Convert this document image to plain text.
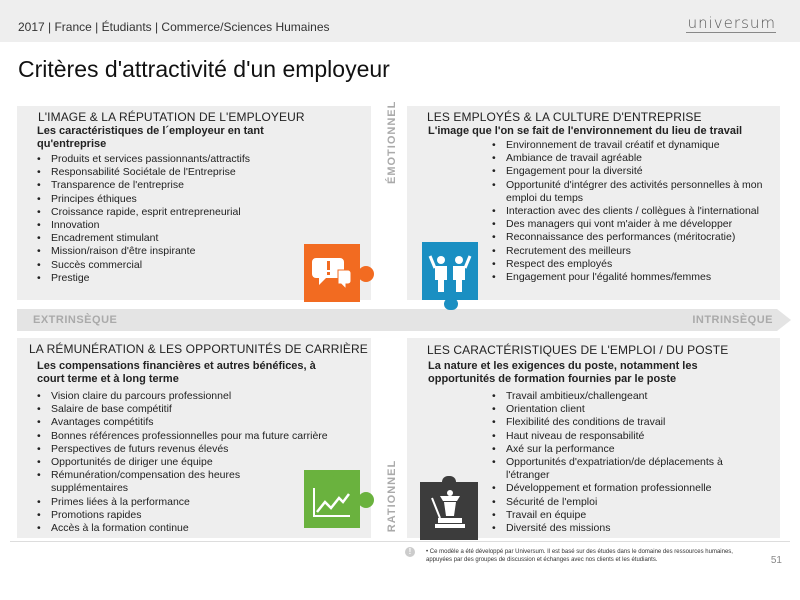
2017 | France | Étudiants | Commerce/Sciences Humaines	universum
Critères d'attractivité d'un employeur
L'IMAGE & LA RÉPUTATION DE L'EMPLOYEUR
Les caractéristiques de l´employeur en tant qu'entreprise
• Produits et services passionnants/attractifs
• Responsabilité Sociétale de l'Entreprise
• Transparence de l'entreprise
• Principes éthiques
• Croissance rapide, esprit entrepreneurial
• Innovation
• Encadrement stimulant
• Mission/raison d'être inspirante
• Succès commercial
• Prestige
LES EMPLOYÉS & LA CULTURE D'ENTREPRISE
L'image que l'on se fait de l'environnement du lieu de travail
• Environnement de travail créatif et dynamique
• Ambiance de travail agréable
• Engagement pour la diversité
• Opportunité d'intégrer des activités personnelles à mon emploi du temps
• Interaction avec des clients / collègues à l'international
• Des managers qui vont m'aider à me développer
• Reconnaissance des performances (méritocratie)
• Recrutement des meilleurs
• Respect des employés
• Engagement pour l'égalité hommes/femmes
LA RÉMUNÉRATION & LES OPPORTUNITÉS DE CARRIÈRE
Les compensations financières et autres bénéfices, à court terme et à long terme
• Vision claire du parcours professionnel
• Salaire de base compétitif
• Avantages compétitifs
• Bonnes références professionnelles pour ma future carrière
• Perspectives de futurs revenus élevés
• Opportunités de diriger une équipe
• Rémunération/compensation des heures supplémentaires
• Primes liées à la performance
• Promotions rapides
• Accès à la formation continue
LES CARACTÉRISTIQUES DE L'EMPLOI / DU POSTE
La nature et les exigences du poste, notamment les opportunités de formation fournies par le poste
• Travail ambitieux/challengeant
• Orientation client
• Flexibilité des conditions de travail
• Haut niveau de responsabilité
• Axé sur la performance
• Opportunités d'expatriation/de déplacements à l'étranger
• Développement et formation professionnelle
• Sécurité de l'emploi
• Travail en équipe
• Diversité des missions
ÉMOTIONNEL
RATIONNEL
EXTRINSÈQUE	INTRINSÈQUE
!	• Ce modèle a été développé par Universum. Il est basé sur des études dans le domaine des ressources humaines, appuyées par des groupes de discussion et échanges avec nos clients et les étudiants.	51
